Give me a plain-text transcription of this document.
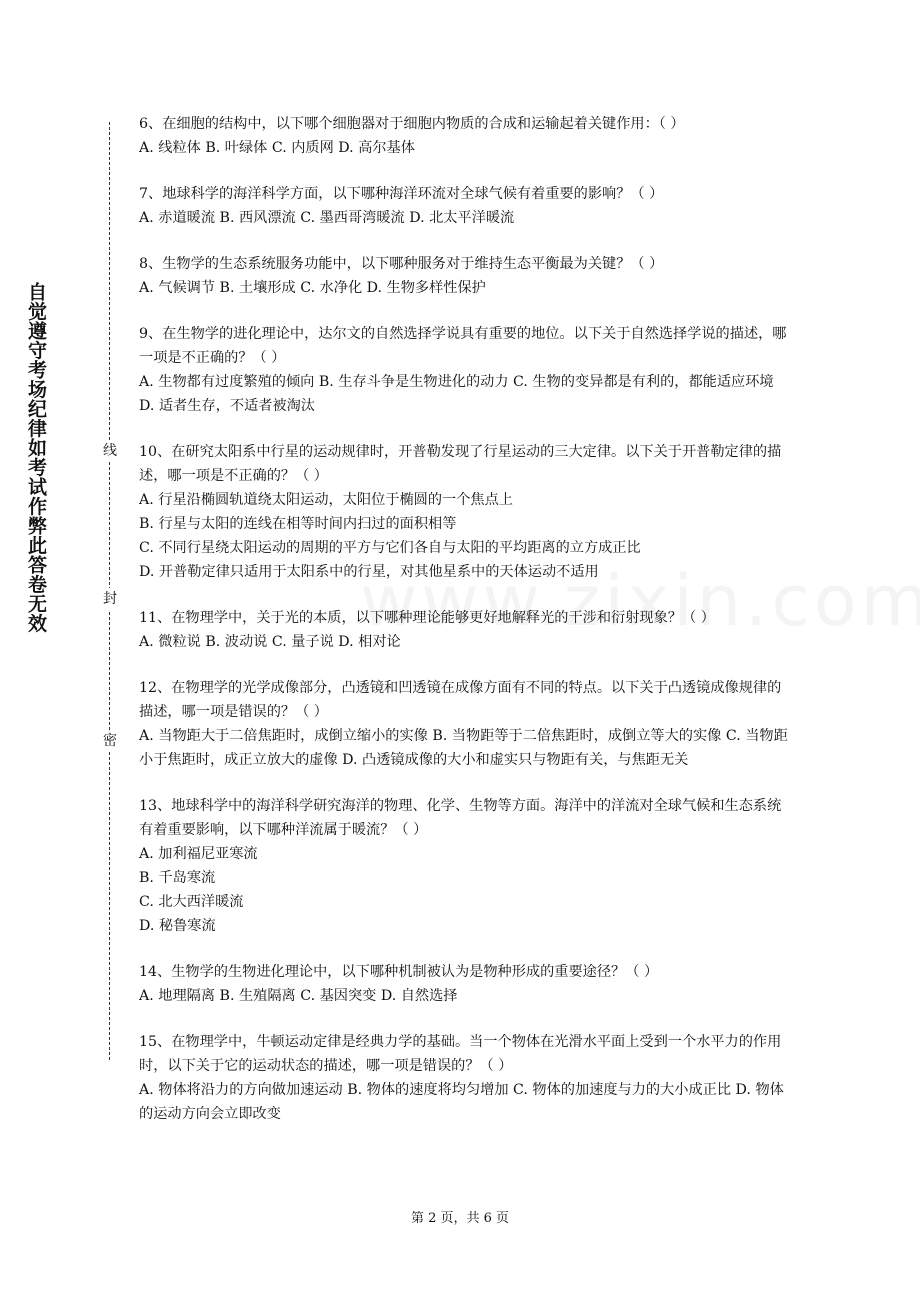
自觉遵守考场纪律如考试作弊此答卷无效	线
封
密

6、在细胞的结构中，以下哪个细胞器对于细胞内物质的合成和运输起着关键作用：（ ）

A. 线粒体 B. 叶绿体 C. 内质网 D. 高尔基体

7、地球科学的海洋科学方面，以下哪种海洋环流对全球气候有着重要的影响？（ ）

A. 赤道暖流 B. 西风漂流 C. 墨西哥湾暖流 D. 北太平洋暖流

8、生物学的生态系统服务功能中，以下哪种服务对于维持生态平衡最为关键？（ ）

A. 气候调节 B. 土壤形成 C. 水净化 D. 生物多样性保护

9、在生物学的进化理论中，达尔文的自然选择学说具有重要的地位。以下关于自然选择学说的描述，哪一项是不正确的？（ ）

A. 生物都有过度繁殖的倾向 B. 生存斗争是生物进化的动力 C. 生物的变异都是有利的，都能适应环境 D. 适者生存，不适者被淘汰

10、在研究太阳系中行星的运动规律时，开普勒发现了行星运动的三大定律。以下关于开普勒定律的描述，哪一项是不正确的？（ ）

A. 行星沿椭圆轨道绕太阳运动，太阳位于椭圆的一个焦点上

B. 行星与太阳的连线在相等时间内扫过的面积相等

C. 不同行星绕太阳运动的周期的平方与它们各自与太阳的平均距离的立方成正比

D. 开普勒定律只适用于太阳系中的行星，对其他星系中的天体运动不适用

11、在物理学中，关于光的本质，以下哪种理论能够更好地解释光的干涉和衍射现象？（ ）

A. 微粒说 B. 波动说 C. 量子说 D. 相对论

12、在物理学的光学成像部分，凸透镜和凹透镜在成像方面有不同的特点。以下关于凸透镜成像规律的描述，哪一项是错误的？（ ）

A. 当物距大于二倍焦距时，成倒立缩小的实像 B. 当物距等于二倍焦距时，成倒立等大的实像 C. 当物距小于焦距时，成正立放大的虚像 D. 凸透镜成像的大小和虚实只与物距有关，与焦距无关

13、地球科学中的海洋科学研究海洋的物理、化学、生物等方面。海洋中的洋流对全球气候和生态系统有着重要影响，以下哪种洋流属于暖流？（ ）

A. 加利福尼亚寒流

B. 千岛寒流

C. 北大西洋暖流

D. 秘鲁寒流

14、生物学的生物进化理论中，以下哪种机制被认为是物种形成的重要途径？（ ）

A. 地理隔离 B. 生殖隔离 C. 基因突变 D. 自然选择

15、在物理学中，牛顿运动定律是经典力学的基础。当一个物体在光滑水平面上受到一个水平力的作用时，以下关于它的运动状态的描述，哪一项是错误的？（ ）

A. 物体将沿力的方向做加速运动 B. 物体的速度将均匀增加 C. 物体的加速度与力的大小成正比 D. 物体的运动方向会立即改变

第 2 页，共 6 页
